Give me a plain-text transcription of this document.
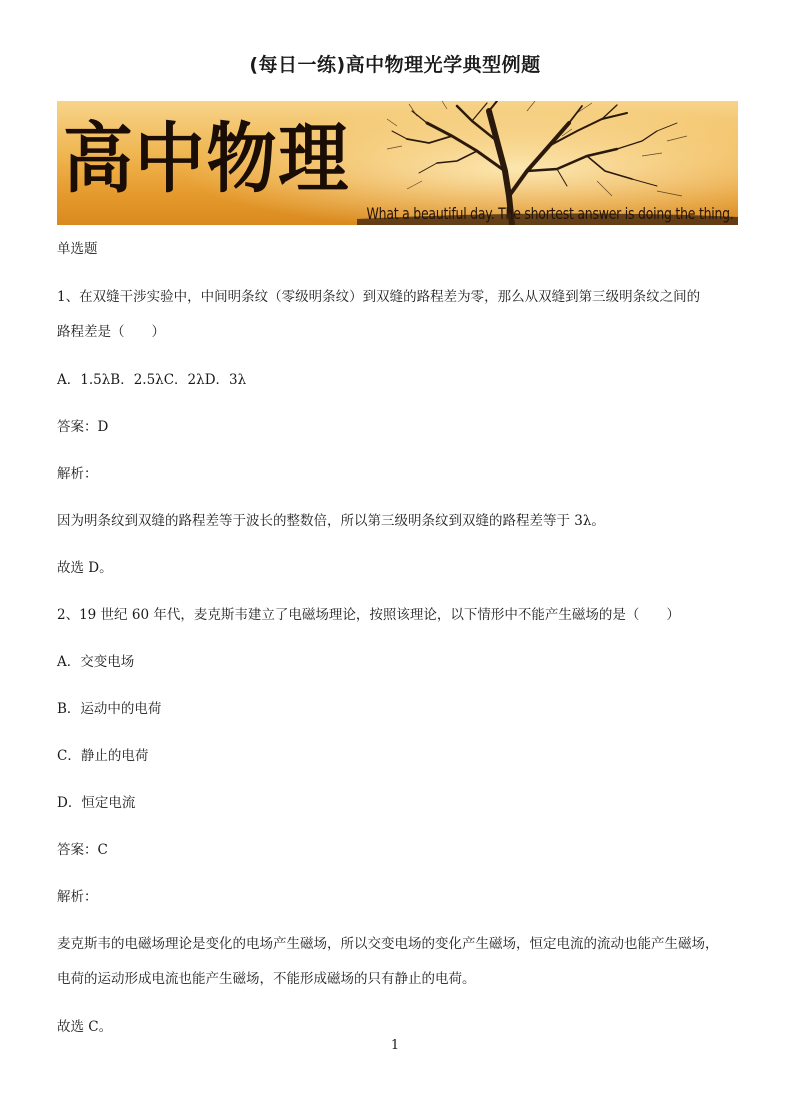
(每日一练)高中物理光学典型例题
高中物理
What a beautiful day. The shortest answer is doing the thing.
单选题
1、在双缝干涉实验中，中间明条纹（零级明条纹）到双缝的路程差为零，那么从双缝到第三级明条纹之间的
路程差是（　　）
A．1.5λB．2.5λC．2λD．3λ
答案：D
解析：
因为明条纹到双缝的路程差等于波长的整数倍，所以第三级明条纹到双缝的路程差等于 3λ。
故选 D。
2、19 世纪 60 年代，麦克斯韦建立了电磁场理论，按照该理论，以下情形中不能产生磁场的是（　　）
A．交变电场
B．运动中的电荷
C．静止的电荷
D．恒定电流
答案：C
解析：
麦克斯韦的电磁场理论是变化的电场产生磁场，所以交变电场的变化产生磁场，恒定电流的流动也能产生磁场，
电荷的运动形成电流也能产生磁场，不能形成磁场的只有静止的电荷。
故选 C。
1
